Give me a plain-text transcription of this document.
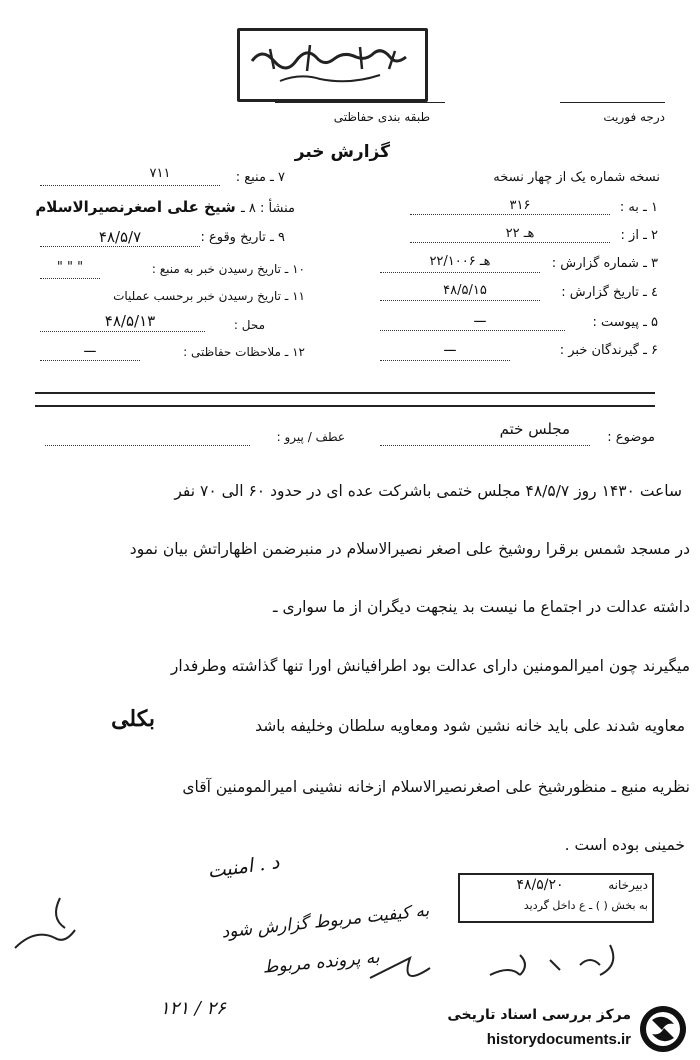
درجه فوریت
طبقه بندی حفاظتی
گزارش خبر
نسخه شماره یک از چهار نسخه
۱ ـ به :
۳۱۶
۲ ـ از :
۲۲ هـ
۳ ـ شماره گزارش :
۲۲/۱۰۰۶ هـ
٤ ـ تاریخ گزارش :
۴۸/۵/۱۵
۵ ـ پیوست :
ـــ
۶ ـ گیرندگان خبر :
ـــ
۷ ـ منبع :
۷۱۱
منشأ : ۸ ـ شیخ علی اصغرنصیرالاسلام
۹ ـ تاریخ وقوع :
۴۸/۵/۷
۱۰ ـ تاریخ رسیدن خبر به منبع :
" " "
۱۱ ـ تاریخ رسیدن خبر برحسب عملیات
محل :
۴۸/۵/۱۳
۱۲ ـ ملاحظات حفاظتی :
ـــ
موضوع :
مجلس ختم
عطف / پیرو :
ساعت ۱۴۳۰ روز ۴۸/۵/۷ مجلس ختمی باشرکت عده ای در حدود ۶۰ الی ۷۰ نفر
در مسجد شمس برقرا روشیخ علی اصغر نصیرالاسلام در منبرضمن اظهاراتش بیان نمود
داشته عدالت در اجتماع ما نیست بد ینجهت دیگران از ما سواری ـ
میگیرند چون امیرالمومنین دارای عدالت بود اطرافیانش اورا تنها گذاشته وطرفدار
معاویه شدند علی باید خانه نشین شود ومعاویه سلطان وخلیفه باشد
بکلی
نظریه منبع ـ منظورشیخ علی اصغرنصیرالاسلام ازخانه نشینی امیرالمومنین آقای
خمینی بوده است .
د . امنیت
به کیفیت مربوط گزارش شود
به پرونده مربوط
۱۲۱ / ۲۶
دبیرخانه
۴۸/۵/۲۰
به بخش ( ) ـ ع داخل گردید
مرکز بررسی اسناد تاریخی
historydocuments.ir
